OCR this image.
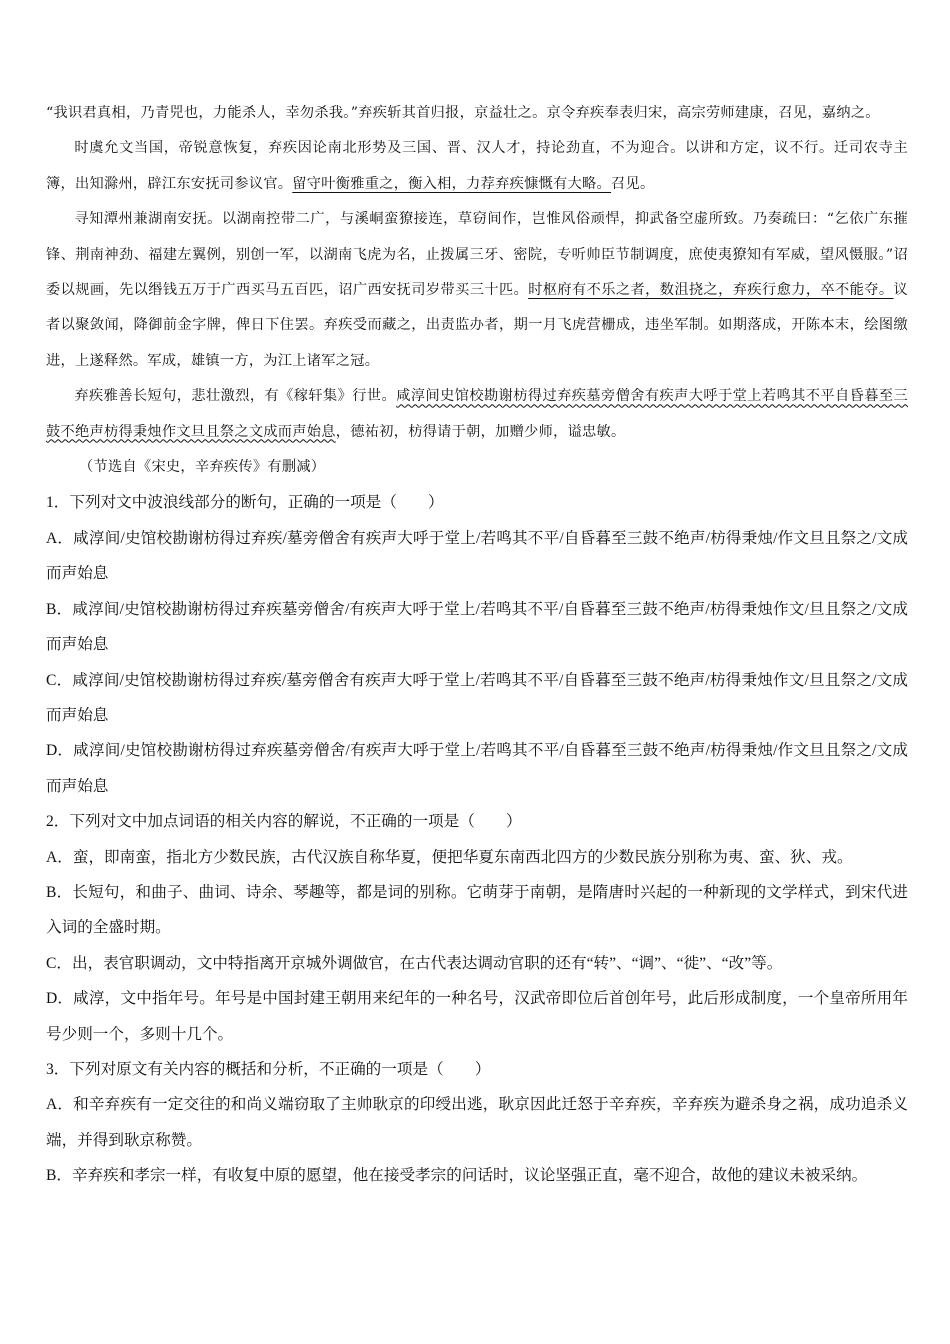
“我识君真相，乃青兕也，力能杀人，幸勿杀我。”弃疾斩其首归报，京益壮之。京令弃疾奉表归宋，高宗劳师建康，召见，嘉纳之。

时虞允文当国，帝锐意恢复，弃疾因论南北形势及三国、晋、汉人才，持论劲直，不为迎合。以讲和方定，议不行。迁司农寺主簿，出知滁州，辟江东安抚司参议官。留守叶衡雅重之，衡入相，力荐弃疾慷慨有大略。召见。

寻知潭州兼湖南安抚。以湖南控带二广，与溪峒蛮獠接连，草窃间作，岂惟风俗顽悍，抑武备空虚所致。乃奏疏曰：“乞依广东摧锋、荆南神劲、福建左翼例，别创一军，以湖南飞虎为名，止拨属三牙、密院，专听帅臣节制调度，庶使夷獠知有军威，望风慑服。”诏委以规画，先以缗钱五万于广西买马五百匹，诏广西安抚司岁带买三十匹。时枢府有不乐之者，数沮挠之，弃疾行愈力，卒不能夺。议者以聚敛闻，降御前金字牌，俾日下住罢。弃疾受而藏之，出责监办者，期一月飞虎营栅成，违坐军制。如期落成，开陈本末，绘图缴进，上遂释然。军成，雄镇一方，为江上诸军之冠。

弃疾雅善长短句，悲壮激烈，有《稼轩集》行世。咸淳间史馆校勘谢枋得过弃疾墓旁僧舍有疾声大呼于堂上若鸣其不平自昏暮至三鼓不绝声枋得秉烛作文旦且祭之文成而声始息，德祐初，枋得请于朝，加赠少师，谥忠敏。

（节选自《宋史，辛弃疾传》有删减）

1．下列对文中波浪线部分的断句，正确的一项是（　　）

A．咸淳间/史馆校勘谢枋得过弃疾/墓旁僧舍有疾声大呼于堂上/若鸣其不平/自昏暮至三鼓不绝声/枋得秉烛/作文旦且祭之/文成而声始息

B．咸淳间/史馆校勘谢枋得过弃疾墓旁僧舍/有疾声大呼于堂上/若鸣其不平/自昏暮至三鼓不绝声/枋得秉烛作文/旦且祭之/文成而声始息

C．咸淳间/史馆校勘谢枋得过弃疾/墓旁僧舍有疾声大呼于堂上/若鸣其不平/自昏暮至三鼓不绝声/枋得秉烛作文/旦且祭之/文成而声始息

D．咸淳间/史馆校勘谢枋得过弃疾墓旁僧舍/有疾声大呼于堂上/若鸣其不平/自昏暮至三鼓不绝声/枋得秉烛/作文旦且祭之/文成而声始息

2．下列对文中加点词语的相关内容的解说，不正确的一项是（　　）

A．蛮，即南蛮，指北方少数民族，古代汉族自称华夏，便把华夏东南西北四方的少数民族分别称为夷、蛮、狄、戎。

B．长短句，和曲子、曲词、诗余、琴趣等，都是词的别称。它萌芽于南朝，是隋唐时兴起的一种新现的文学样式，到宋代进入词的全盛时期。

C．出，表官职调动，文中特指离开京城外调做官，在古代表达调动官职的还有“转”、“调”、“徙”、“改”等。

D．咸淳，文中指年号。年号是中国封建王朝用来纪年的一种名号，汉武帝即位后首创年号，此后形成制度，一个皇帝所用年号少则一个，多则十几个。

3．下列对原文有关内容的概括和分析，不正确的一项是（　　）

A．和辛弃疾有一定交往的和尚义端窃取了主帅耿京的印绶出逃，耿京因此迁怒于辛弃疾，辛弃疾为避杀身之祸，成功追杀义端，并得到耿京称赞。

B．辛弃疾和孝宗一样，有收复中原的愿望，他在接受孝宗的问话时，议论坚强正直，毫不迎合，故他的建议未被采纳。
